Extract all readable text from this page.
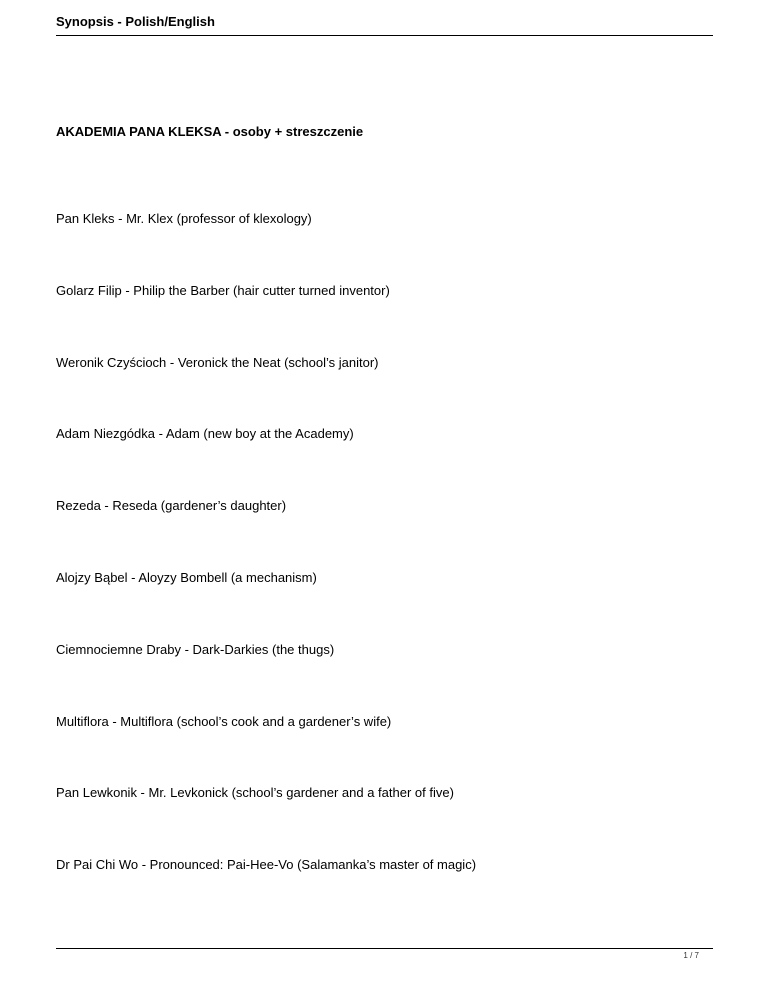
Synopsis - Polish/English
AKADEMIA PANA KLEKSA - osoby + streszczenie
Pan Kleks - Mr. Klex (professor of klexology)
Golarz Filip - Philip the Barber (hair cutter turned inventor)
Weronik Czyścioch - Veronick the Neat (school’s janitor)
Adam Niezgódka - Adam (new boy at the Academy)
Rezeda - Reseda (gardener’s daughter)
Alojzy Bąbel - Aloyzy Bombell (a mechanism)
Ciemnociemne Draby - Dark-Darkies (the thugs)
Multiflora - Multiflora (school’s cook and a gardener’s wife)
Pan Lewkonik - Mr. Levkonick (school’s gardener and a father of five)
Dr Pai Chi Wo - Pronounced: Pai-Hee-Vo (Salamanka’s master of magic)
1 / 7
